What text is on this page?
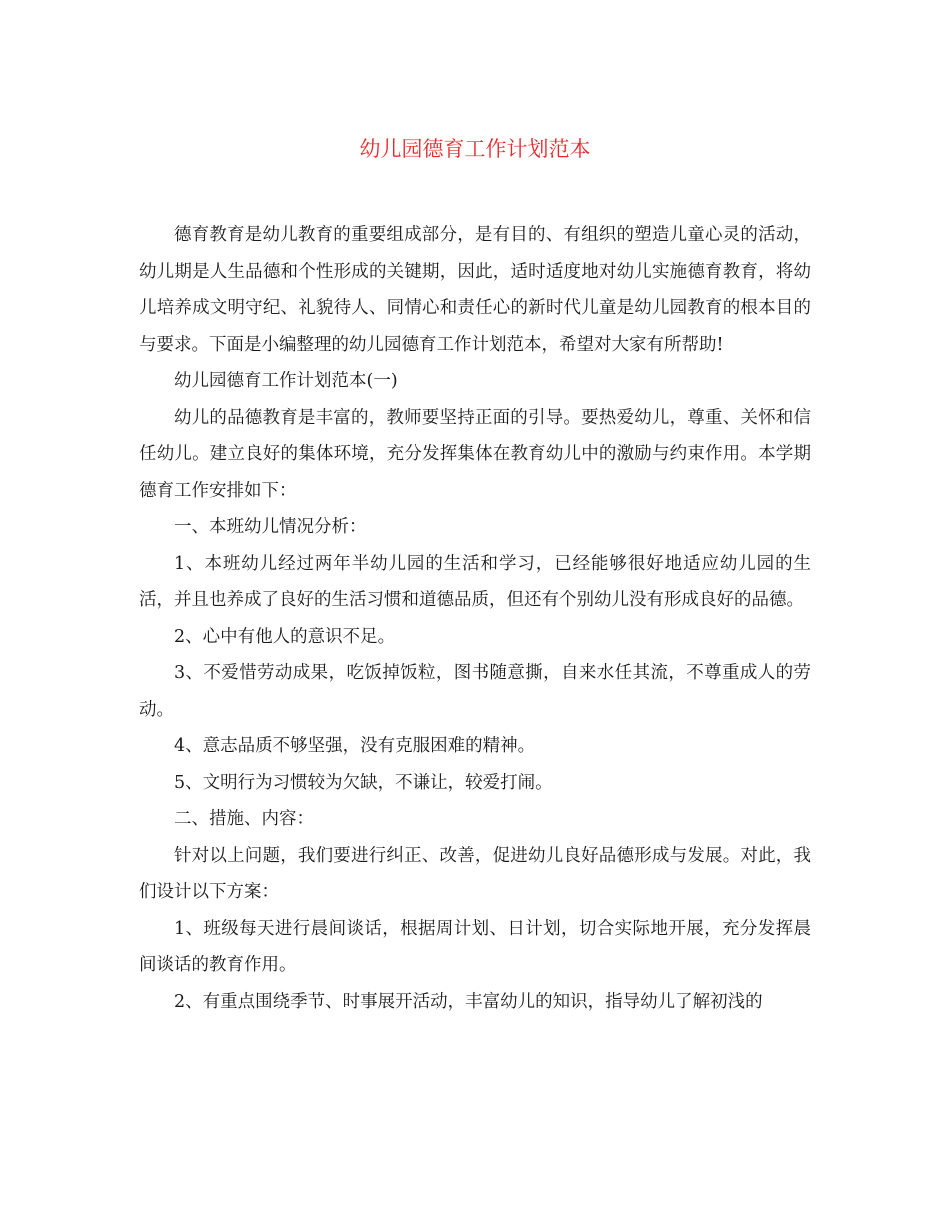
幼儿园德育工作计划范本

德育教育是幼儿教育的重要组成部分，是有目的、有组织的塑造儿童心灵的活动，幼儿期是人生品德和个性形成的关键期，因此，适时适度地对幼儿实施德育教育，将幼儿培养成文明守纪、礼貌待人、同情心和责任心的新时代儿童是幼儿园教育的根本目的与要求。下面是小编整理的幼儿园德育工作计划范本，希望对大家有所帮助!

幼儿园德育工作计划范本(一)

幼儿的品德教育是丰富的，教师要坚持正面的引导。要热爱幼儿，尊重、关怀和信任幼儿。建立良好的集体环境，充分发挥集体在教育幼儿中的激励与约束作用。本学期德育工作安排如下：

一、本班幼儿情况分析：

1、本班幼儿经过两年半幼儿园的生活和学习，已经能够很好地适应幼儿园的生活，并且也养成了良好的生活习惯和道德品质，但还有个别幼儿没有形成良好的品德。

2、心中有他人的意识不足。

3、不爱惜劳动成果，吃饭掉饭粒，图书随意撕，自来水任其流，不尊重成人的劳动。

4、意志品质不够坚强，没有克服困难的精神。

5、文明行为习惯较为欠缺，不谦让，较爱打闹。

二、措施、内容：

针对以上问题，我们要进行纠正、改善，促进幼儿良好品德形成与发展。对此，我们设计以下方案：

1、班级每天进行晨间谈话，根据周计划、日计划，切合实际地开展，充分发挥晨间谈话的教育作用。

2、有重点围绕季节、时事展开活动，丰富幼儿的知识，指导幼儿了解初浅的
